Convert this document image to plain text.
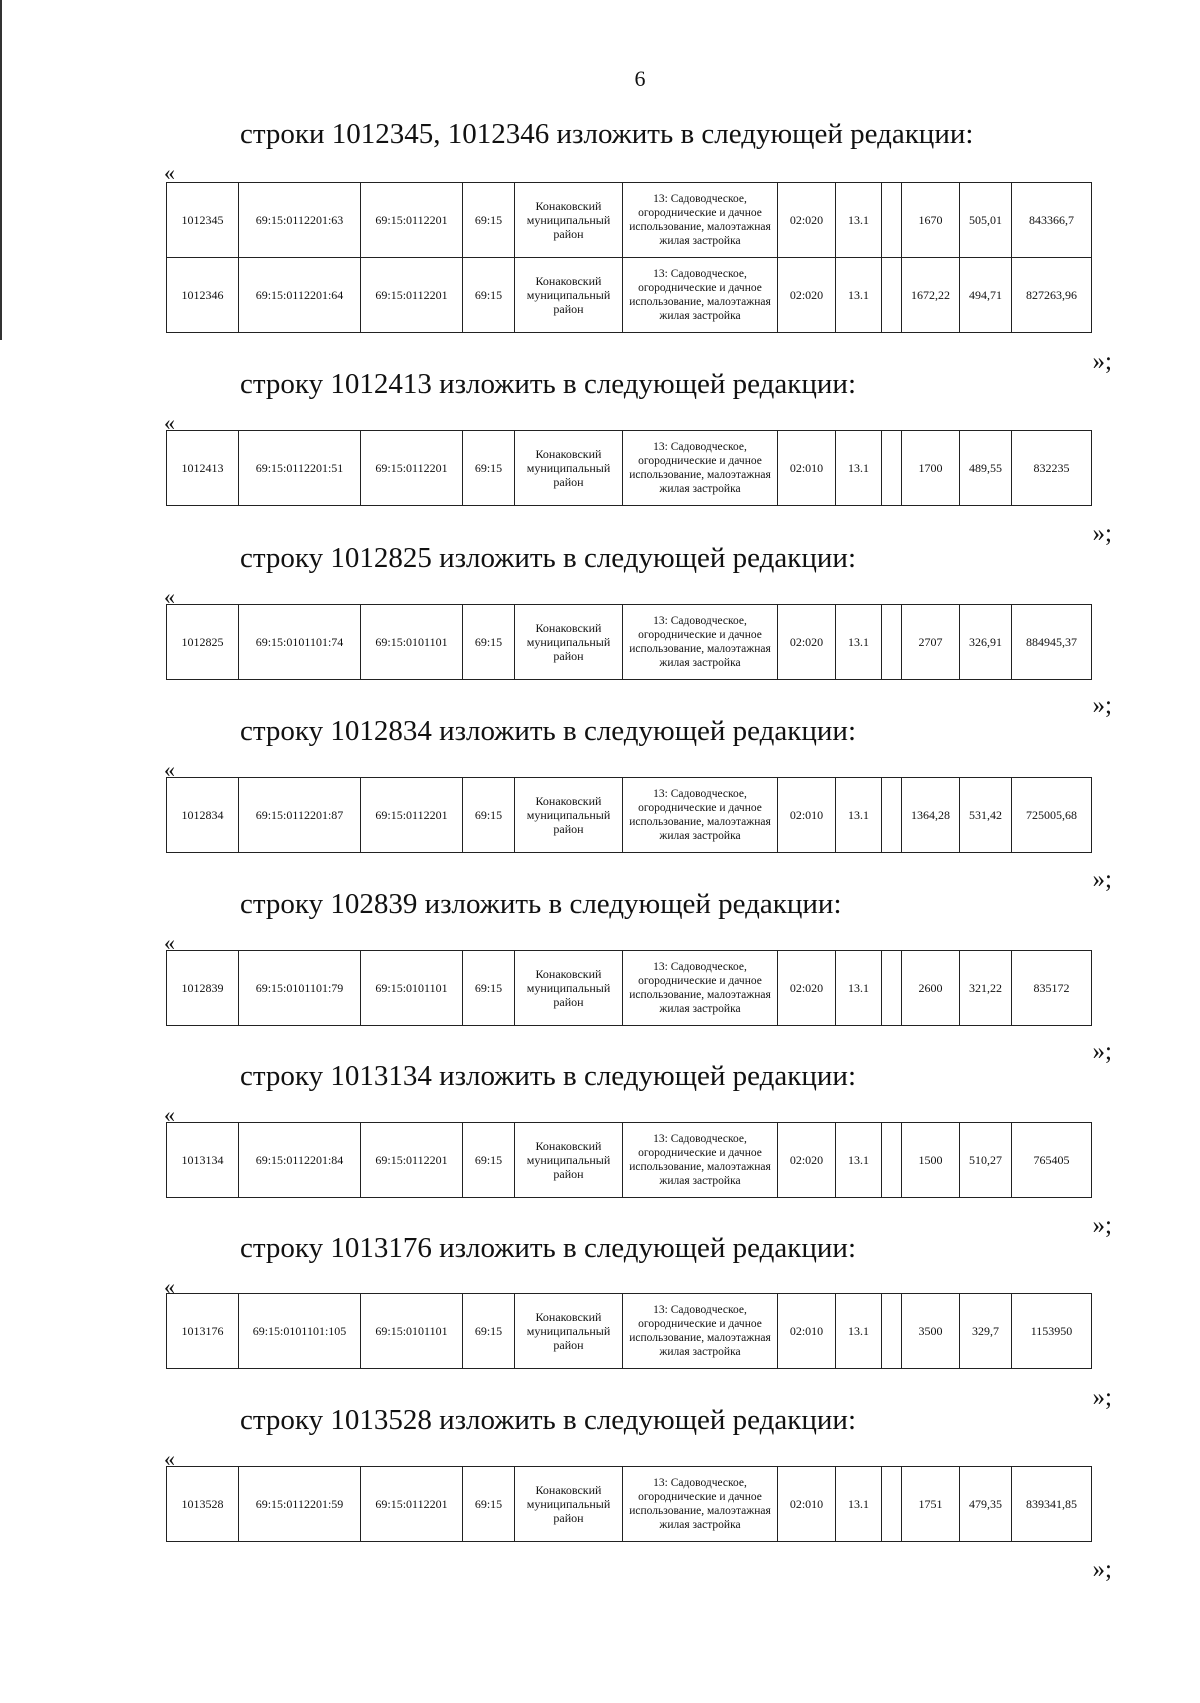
6
строки 1012345, 1012346 изложить в следующей редакции:
«
1012345	69:15:0112201:63	69:15:0112201	69:15	Конаковский муниципальный район	13: Садоводческое, огороднические и дачное использование, малоэтажная жилая застройка	02:020	13.1		1670	505,01	843366,7
1012346	69:15:0112201:64	69:15:0112201	69:15	Конаковский муниципальный район	13: Садоводческое, огороднические и дачное использование, малоэтажная жилая застройка	02:020	13.1		1672,22	494,71	827263,96
»;
строку 1012413 изложить в следующей редакции:
«
1012413	69:15:0112201:51	69:15:0112201	69:15	Конаковский муниципальный район	13: Садоводческое, огороднические и дачное использование, малоэтажная жилая застройка	02:010	13.1		1700	489,55	832235
»;
строку 1012825 изложить в следующей редакции:
«
1012825	69:15:0101101:74	69:15:0101101	69:15	Конаковский муниципальный район	13: Садоводческое, огороднические и дачное использование, малоэтажная жилая застройка	02:020	13.1		2707	326,91	884945,37
»;
строку 1012834 изложить в следующей редакции:
«
1012834	69:15:0112201:87	69:15:0112201	69:15	Конаковский муниципальный район	13: Садоводческое, огороднические и дачное использование, малоэтажная жилая застройка	02:010	13.1		1364,28	531,42	725005,68
»;
строку 102839 изложить в следующей редакции:
«
1012839	69:15:0101101:79	69:15:0101101	69:15	Конаковский муниципальный район	13: Садоводческое, огороднические и дачное использование, малоэтажная жилая застройка	02:020	13.1		2600	321,22	835172
»;
строку 1013134 изложить в следующей редакции:
«
1013134	69:15:0112201:84	69:15:0112201	69:15	Конаковский муниципальный район	13: Садоводческое, огороднические и дачное использование, малоэтажная жилая застройка	02:020	13.1		1500	510,27	765405
»;
строку 1013176 изложить в следующей редакции:
«
1013176	69:15:0101101:105	69:15:0101101	69:15	Конаковский муниципальный район	13: Садоводческое, огороднические и дачное использование, малоэтажная жилая застройка	02:010	13.1		3500	329,7	1153950
»;
строку 1013528 изложить в следующей редакции:
«
1013528	69:15:0112201:59	69:15:0112201	69:15	Конаковский муниципальный район	13: Садоводческое, огороднические и дачное использование, малоэтажная жилая застройка	02:010	13.1		1751	479,35	839341,85
»;
